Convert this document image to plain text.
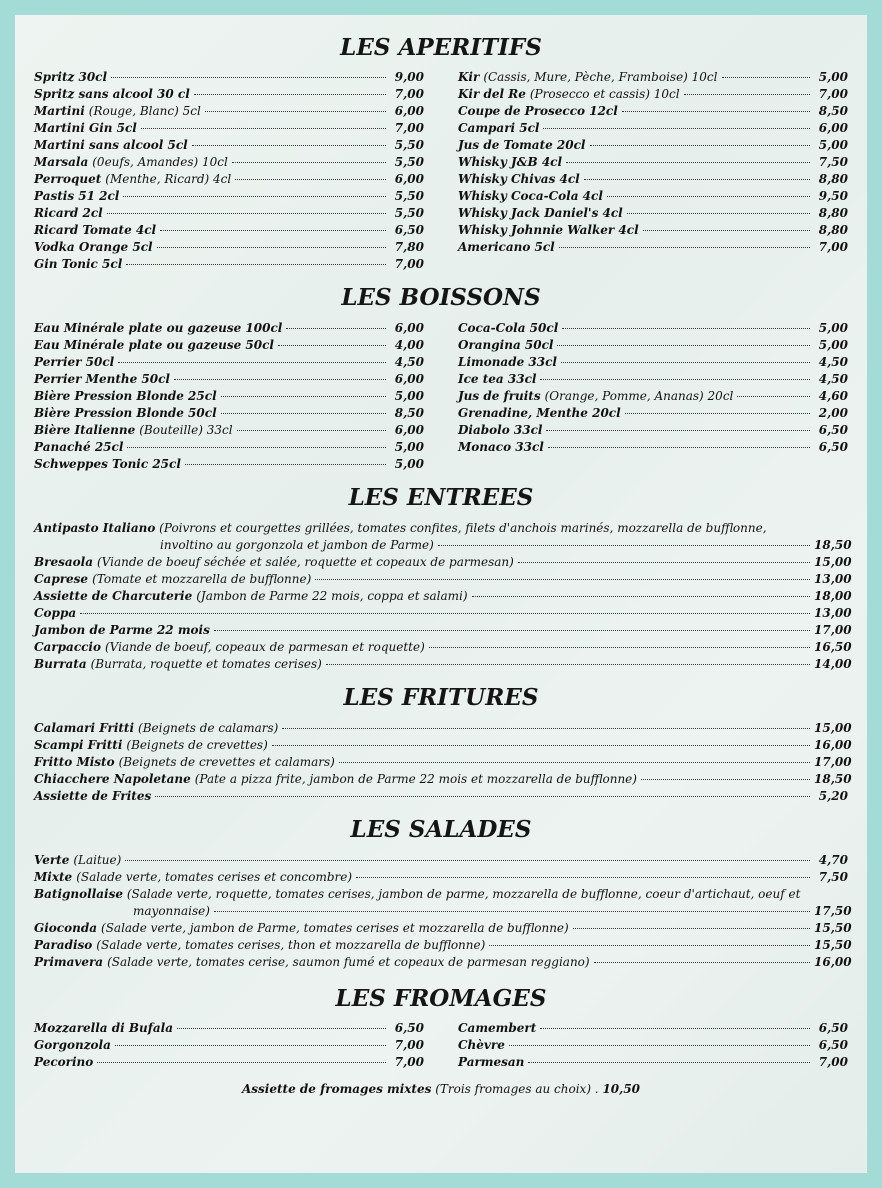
LES APERITIFS
Spritz 30cl	9,00
Spritz sans alcool 30 cl	7,00
Martini (Rouge, Blanc) 5cl	6,00
Martini Gin 5cl	7,00
Martini sans alcool 5cl	5,50
Marsala (0eufs, Amandes) 10cl	5,50
Perroquet (Menthe, Ricard) 4cl	6,00
Pastis 51 2cl	5,50
Ricard 2cl	5,50
Ricard Tomate 4cl	6,50
Vodka Orange 5cl	7,80
Gin Tonic 5cl	7,00
Kir (Cassis, Mure, Pèche, Framboise) 10cl	5,00
Kir del Re (Prosecco et cassis) 10cl	7,00
Coupe de Prosecco 12cl	8,50
Campari 5cl	6,00
Jus de Tomate 20cl	5,00
Whisky J&B 4cl	7,50
Whisky Chivas 4cl	8,80
Whisky Coca-Cola 4cl	9,50
Whisky Jack Daniel's 4cl	8,80
Whisky Johnnie Walker 4cl	8,80
Americano 5cl	7,00
LES BOISSONS
Eau Minérale plate ou gazeuse 100cl	6,00
Eau Minérale plate ou gazeuse 50cl	4,00
Perrier 50cl	4,50
Perrier Menthe 50cl	6,00
Bière Pression Blonde 25cl	5,00
Bière Pression Blonde 50cl	8,50
Bière Italienne (Bouteille) 33cl	6,00
Panaché 25cl	5,00
Schweppes Tonic 25cl	5,00
Coca-Cola 50cl	5,00
Orangina 50cl	5,00
Limonade 33cl	4,50
Ice tea 33cl	4,50
Jus de fruits (Orange, Pomme, Ananas) 20cl	4,60
Grenadine, Menthe 20cl	2,00
Diabolo 33cl	6,50
Monaco 33cl	6,50
LES ENTREES
Antipasto Italiano (Poivrons et courgettes grillées, tomates confites, filets d'anchois marinés, mozzarella de bufflonne,
involtino au gorgonzola et jambon de Parme)	18,50
Bresaola (Viande de boeuf séchée et salée, roquette et copeaux de parmesan)	15,00
Caprese (Tomate et mozzarella de bufflonne)	13,00
Assiette de Charcuterie (Jambon de Parme 22 mois, coppa et salami)	18,00
Coppa	13,00
Jambon de Parme 22 mois	17,00
Carpaccio (Viande de boeuf, copeaux de parmesan et roquette)	16,50
Burrata (Burrata, roquette et tomates cerises)	14,00
LES FRITURES
Calamari Fritti (Beignets de calamars)	15,00
Scampi Fritti (Beignets de crevettes)	16,00
Fritto Misto (Beignets de crevettes et calamars)	17,00
Chiacchere Napoletane (Pate a pizza frite, jambon de Parme 22 mois et mozzarella de bufflonne)	18,50
Assiette de Frites	5,20
LES SALADES
Verte (Laitue)	4,70
Mixte (Salade verte, tomates cerises et concombre)	7,50
Batignollaise (Salade verte, roquette, tomates cerises, jambon de parme, mozzarella de bufflonne, coeur d'artichaut, oeuf et
mayonnaise)	17,50
Gioconda (Salade verte, jambon de Parme, tomates cerises et mozzarella de bufflonne)	15,50
Paradiso (Salade verte, tomates cerises, thon et mozzarella de bufflonne)	15,50
Primavera (Salade verte, tomates cerise, saumon fumé et copeaux de parmesan reggiano)	16,00
LES FROMAGES
Mozzarella di Bufala	6,50
Gorgonzola	7,00
Pecorino	7,00
Camembert	6,50
Chèvre	6,50
Parmesan	7,00
Assiette de fromages mixtes (Trois fromages au choix) . 10,50
